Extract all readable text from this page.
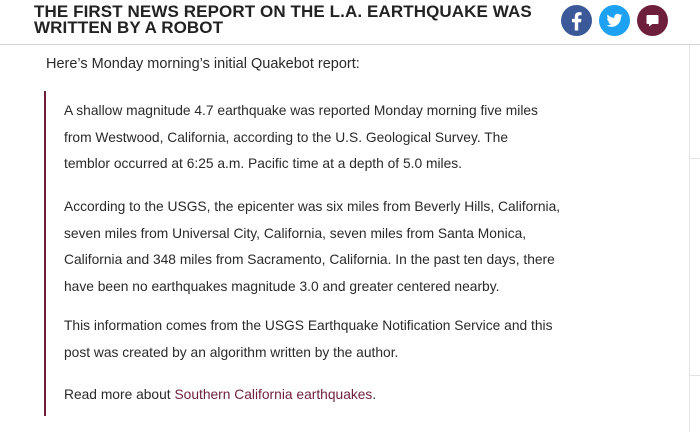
THE FIRST NEWS REPORT ON THE L.A. EARTHQUAKE WAS
WRITTEN BY A ROBOT

Here’s Monday morning’s initial Quakebot report:

A shallow magnitude 4.7 earthquake was reported Monday morning five miles
from Westwood, California, according to the U.S. Geological Survey. The
temblor occurred at 6:25 a.m. Pacific time at a depth of 5.0 miles.

According to the USGS, the epicenter was six miles from Beverly Hills, California,
seven miles from Universal City, California, seven miles from Santa Monica,
California and 348 miles from Sacramento, California. In the past ten days, there
have been no earthquakes magnitude 3.0 and greater centered nearby.

This information comes from the USGS Earthquake Notification Service and this
post was created by an algorithm written by the author.

Read more about Southern California earthquakes.
